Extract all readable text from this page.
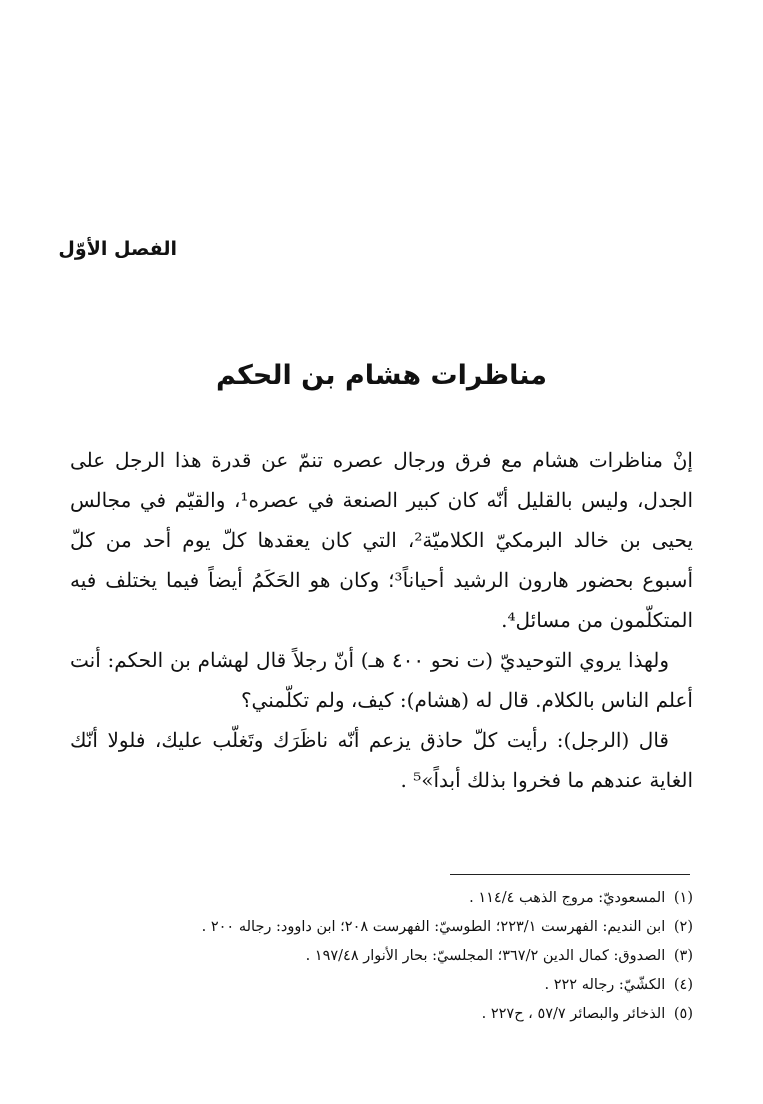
الفصل الأوّل
مناظرات هشام بن الحكم

إنْ مناظرات هشام مع فرق ورجال عصره تنمّ عن قدرة هذا الرجل على الجدل، وليس بالقليل أنّه كان كبير الصنعة في عصره¹، والقيّم في مجالس يحيى بن خالد البرمكيّ الكلاميّة²، التي كان يعقدها كلّ يوم أحد من كلّ أسبوع بحضور هارون الرشيد أحياناً³؛ وكان هو الحَكَمُ أيضاً فيما يختلف فيه المتكلّمون من مسائل⁴.

ولهذا يروي التوحيديّ (ت نحو ٤٠٠ هـ) أنّ رجلاً قال لهشام بن الحكم: أنت أعلم الناس بالكلام. قال له (هشام): كيف، ولم تكلّمني؟

قال (الرجل): رأيت كلّ حاذق يزعم أنّه ناظَرَك وتَغلّب عليك، فلولا أنّك الغاية عندهم ما فخروا بذلك أبداً»⁵ .

(١) المسعوديّ: مروج الذهب ١١٤/٤ .
(٢) ابن النديم: الفهرست ٢٢٣/١؛ الطوسيّ: الفهرست ٢٠٨؛ ابن داوود: رجاله ٢٠٠ .
(٣) الصدوق: كمال الدين ٣٦٧/٢؛ المجلسيّ: بحار الأنوار ١٩٧/٤٨ .
(٤) الكشّيّ: رجاله ٢٢٢ .
(٥) الذخائر والبصائر ٥٧/٧ ، ح٢٢٧ .
